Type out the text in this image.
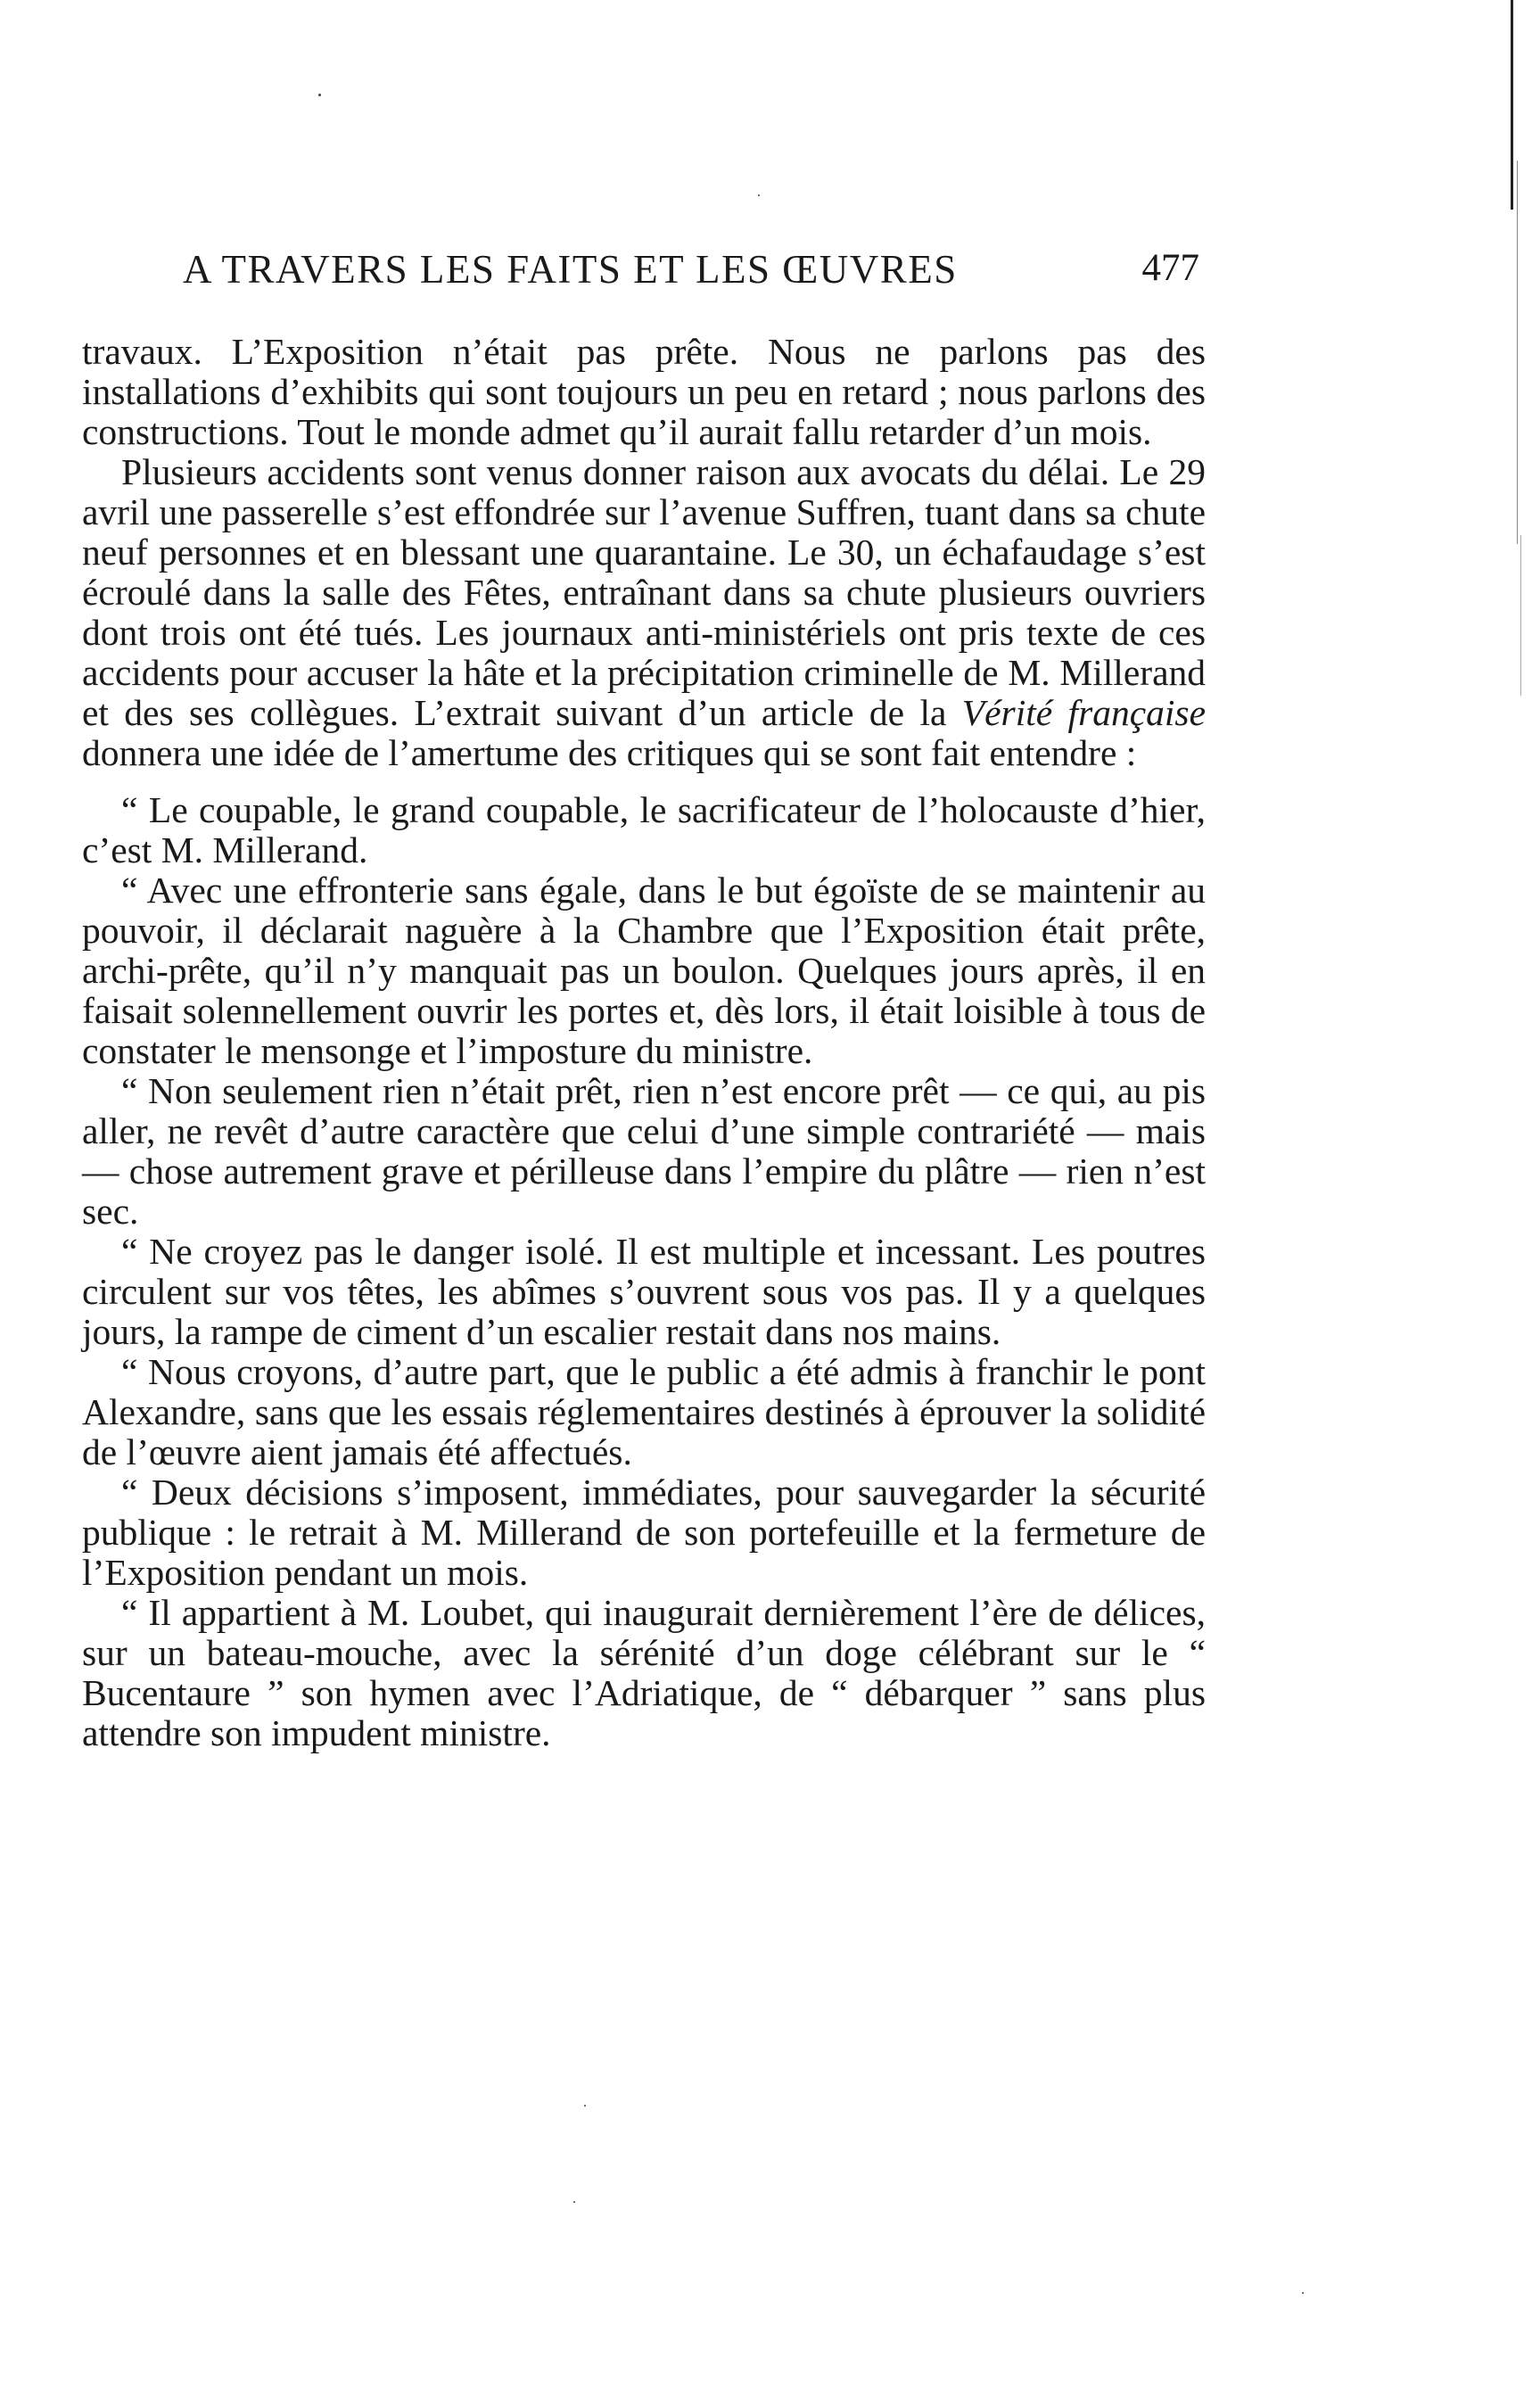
A TRAVERS LES FAITS ET LES ŒUVRES	477

travaux. L’Exposition n’était pas prête. Nous ne parlons pas des installations d’exhibits qui sont toujours un peu en retard ; nous parlons des constructions. Tout le monde admet qu’il aurait fallu retarder d’un mois.

Plusieurs accidents sont venus donner raison aux avocats du délai. Le 29 avril une passerelle s’est effondrée sur l’avenue Suffren, tuant dans sa chute neuf personnes et en blessant une quarantaine. Le 30, un échafaudage s’est écroulé dans la salle des Fêtes, entraînant dans sa chute plusieurs ouvriers dont trois ont été tués. Les journaux anti-ministériels ont pris texte de ces accidents pour accuser la hâte et la précipitation criminelle de M. Millerand et des ses collègues. L’extrait suivant d’un article de la Vérité française donnera une idée de l’amertume des critiques qui se sont fait entendre :

“ Le coupable, le grand coupable, le sacrificateur de l’holocauste d’hier, c’est M. Millerand.

“ Avec une effronterie sans égale, dans le but égoïste de se maintenir au pouvoir, il déclarait naguère à la Chambre que l’Exposition était prête, archi-prête, qu’il n’y manquait pas un boulon. Quelques jours après, il en faisait solennellement ouvrir les portes et, dès lors, il était loisible à tous de constater le mensonge et l’imposture du ministre.

“ Non seulement rien n’était prêt, rien n’est encore prêt — ce qui, au pis aller, ne revêt d’autre caractère que celui d’une simple contrariété — mais — chose autrement grave et périlleuse dans l’empire du plâtre — rien n’est sec.

“ Ne croyez pas le danger isolé. Il est multiple et incessant. Les poutres circulent sur vos têtes, les abîmes s’ouvrent sous vos pas. Il y a quelques jours, la rampe de ciment d’un escalier restait dans nos mains.

“ Nous croyons, d’autre part, que le public a été admis à franchir le pont Alexandre, sans que les essais réglementaires destinés à éprouver la solidité de l’œuvre aient jamais été affectués.

“ Deux décisions s’imposent, immédiates, pour sauvegarder la sécurité publique : le retrait à M. Millerand de son portefeuille et la fermeture de l’Exposition pendant un mois.

“ Il appartient à M. Loubet, qui inaugurait dernièrement l’ère de délices, sur un bateau-mouche, avec la sérénité d’un doge célébrant sur le “ Bucentaure ” son hymen avec l’Adriatique, de “ débarquer ” sans plus attendre son impudent ministre.
